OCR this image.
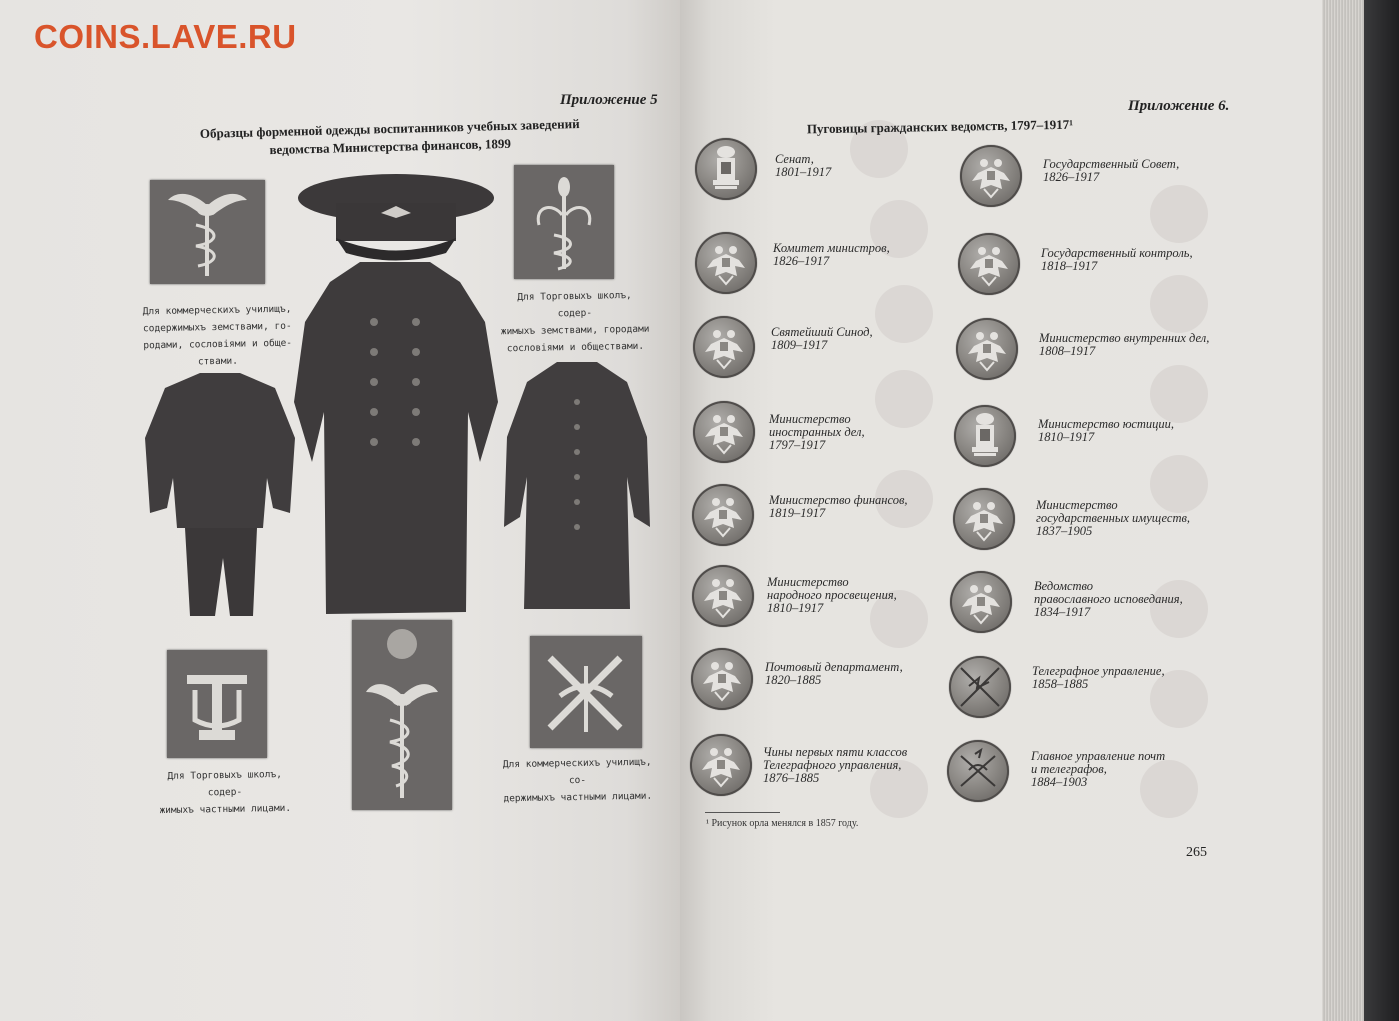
Приложение 5
Образцы форменной одежды воспитанников учебных заведений
ведомства Министерства финансов, 1899
Для коммерческихъ училищъ,
содержимыхъ земствами, го-
родами, сословіями и обще-
ствами.
Для Торговыхъ школъ, содер-
жимыхъ земствами, городами
сословіями и обществами.
Для Торговыхъ школъ, содер-
жимыхъ частными лицами.
Для коммерческихъ училищъ, со-
держимыхъ частными лицами.
Приложение 6.
Пуговицы гражданских ведомств, 1797–1917¹
Сенат,
1801–1917
Государственный Совет,
1826–1917
Комитет министров,
1826–1917
Государственный контроль,
1818–1917
Святейший Синод,
1809–1917	Министерство внутренних дел,
1808–1917
Министерство
иностранных дел,
1797–1917
Министерство юстиции,
1810–1917
Министерство финансов,
1819–1917
Министерство
государственных имуществ,
1837–1905
Министерство
народного просвещения,
1810–1917
Ведомство
православного исповедания,
1834–1917
Почтовый департамент,
1820–1885
Телеграфное управление,
1858–1885
Чины первых пяти классов
Телеграфного управления,
1876–1885
Главное управление почт
и телеграфов,
1884–1903
¹ Рисунок орла менялся в 1857 году.
265
COINS.LAVE.RU
